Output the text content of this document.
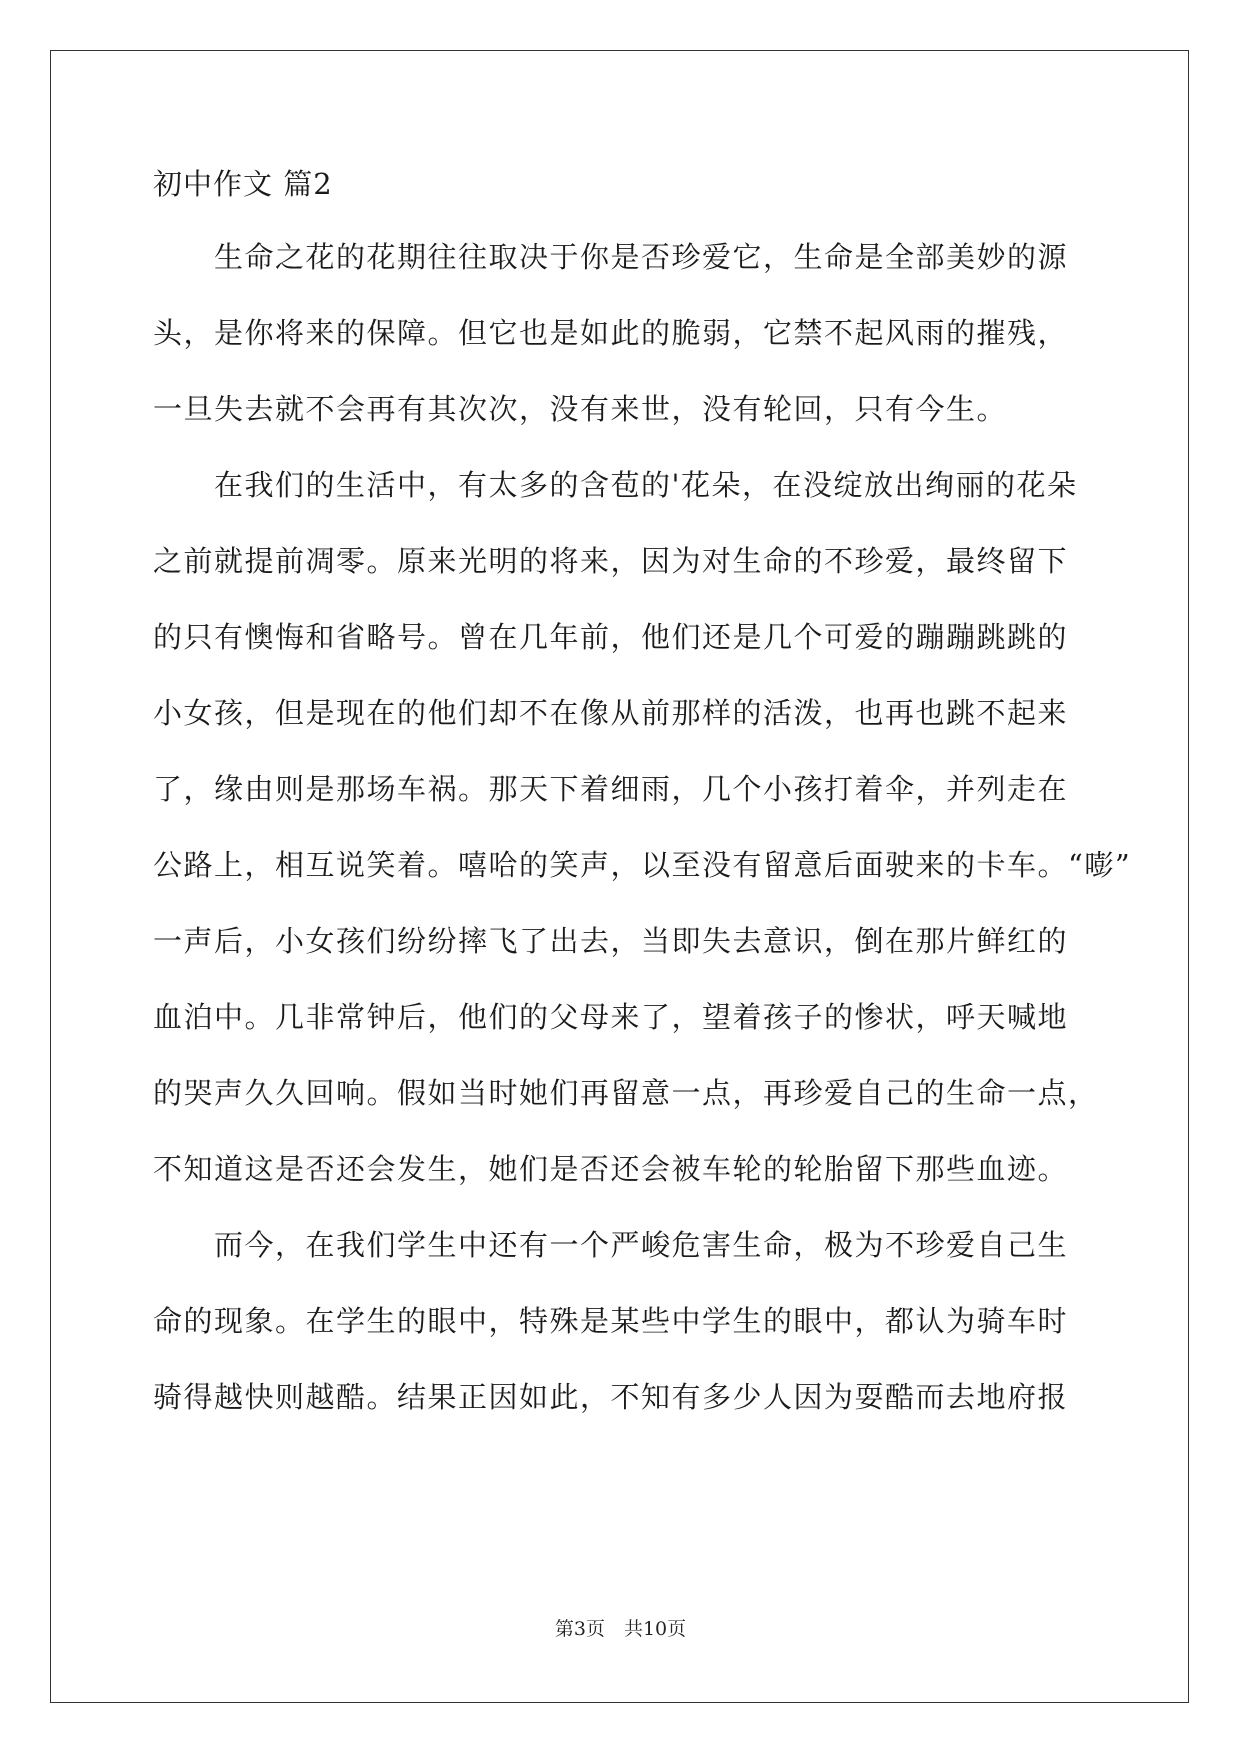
初中作文 篇2
　　生命之花的花期往往取决于你是否珍爱它，生命是全部美妙的源
头，是你将来的保障。但它也是如此的脆弱，它禁不起风雨的摧残，
一旦失去就不会再有其次次，没有来世，没有轮回，只有今生。
　　在我们的生活中，有太多的含苞的'花朵，在没绽放出绚丽的花朵
之前就提前凋零。原来光明的将来，因为对生命的不珍爱，最终留下
的只有懊悔和省略号。曾在几年前，他们还是几个可爱的蹦蹦跳跳的
小女孩，但是现在的他们却不在像从前那样的活泼，也再也跳不起来
了，缘由则是那场车祸。那天下着细雨，几个小孩打着伞，并列走在
公路上，相互说笑着。嘻哈的笑声，以至没有留意后面驶来的卡车。“嘭”
一声后，小女孩们纷纷摔飞了出去，当即失去意识，倒在那片鲜红的
血泊中。几非常钟后，他们的父母来了，望着孩子的惨状，呼天喊地
的哭声久久回响。假如当时她们再留意一点，再珍爱自己的生命一点，
不知道这是否还会发生，她们是否还会被车轮的轮胎留下那些血迹。
　　而今，在我们学生中还有一个严峻危害生命，极为不珍爱自己生
命的现象。在学生的眼中，特殊是某些中学生的眼中，都认为骑车时
骑得越快则越酷。结果正因如此，不知有多少人因为耍酷而去地府报
第3页　共10页
